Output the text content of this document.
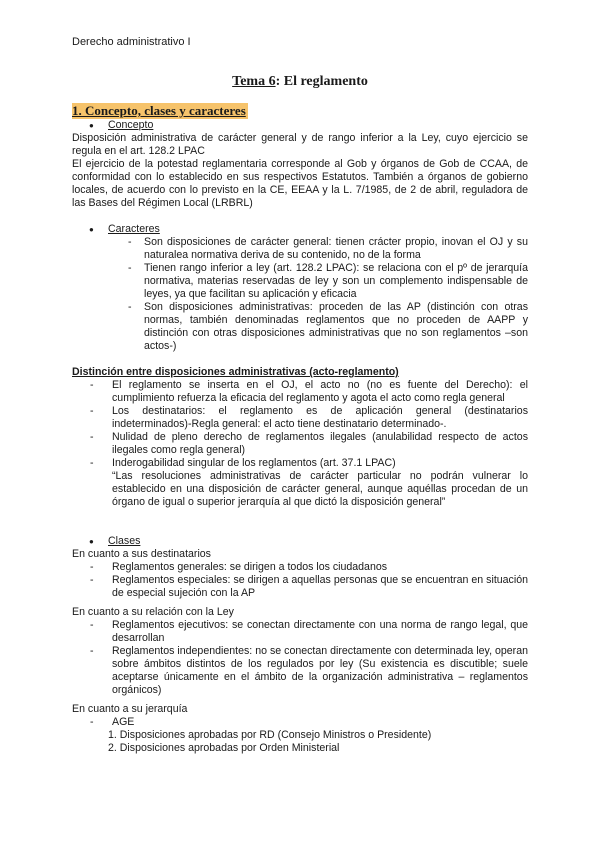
Derecho administrativo I
Tema 6: El reglamento
1. Concepto, clases y caracteres

● Concepto

Disposición administrativa de carácter general y de rango inferior a la Ley, cuyo ejercicio se regula en el art. 128.2 LPAC

El ejercicio de la potestad reglamentaria corresponde al Gob y órganos de Gob de CCAA, de conformidad con lo establecido en sus respectivos Estatutos. También a órganos de gobierno locales, de acuerdo con lo previsto en la CE, EEAA y la L. 7/1985, de 2 de abril, reguladora de las Bases del Régimen Local (LRBRL)

● Caracteres

- Son disposiciones de carácter general: tienen crácter propio, inovan el OJ y su naturalea normativa deriva de su contenido, no de la forma

- Tienen rango inferior a ley (art. 128.2 LPAC): se relaciona con el pº de jerarquía normativa, materias reservadas de ley y son un complemento indispensable de leyes, ya que facilitan su aplicación y eficacia

- Son disposiciones administrativas: proceden de las AP (distinción con otras normas, también denominadas reglamentos que no proceden de AAPP y distinción con otras disposiciones administrativas que no son reglamentos –son actos-)

Distinción entre disposiciones administrativas (acto-reglamento)

- El reglamento se inserta en el OJ, el acto no (no es fuente del Derecho): el cumplimiento refuerza la eficacia del reglamento y agota el acto como regla general

- Los destinatarios: el reglamento es de aplicación general (destinatarios indeterminados)-Regla general: el acto tiene destinatario determinado-.

- Nulidad de pleno derecho de reglamentos ilegales (anulabilidad respecto de actos ilegales como regla general)

- Inderogabilidad singular de los reglamentos (art. 37.1 LPAC)

“Las resoluciones administrativas de carácter particular no podrán vulnerar lo establecido en una disposición de carácter general, aunque aquéllas procedan de un órgano de igual o superior jerarquía al que dictó la disposición general”

● Clases

En cuanto a sus destinatarios

- Reglamentos generales: se dirigen a todos los ciudadanos

- Reglamentos especiales: se dirigen a aquellas personas que se encuentran en situación de especial sujeción con la AP

En cuanto a su relación con la Ley

- Reglamentos ejecutivos: se conectan directamente con una norma de rango legal, que desarrollan

- Reglamentos independientes: no se conectan directamente con determinada ley, operan sobre ámbitos distintos de los regulados por ley (Su existencia es discutible; suele aceptarse únicamente en el ámbito de la organización administrativa – reglamentos orgánicos)

En cuanto a su jerarquía

- AGE

1. Disposiciones aprobadas por RD (Consejo Ministros o Presidente)

2. Disposiciones aprobadas por Orden Ministerial
